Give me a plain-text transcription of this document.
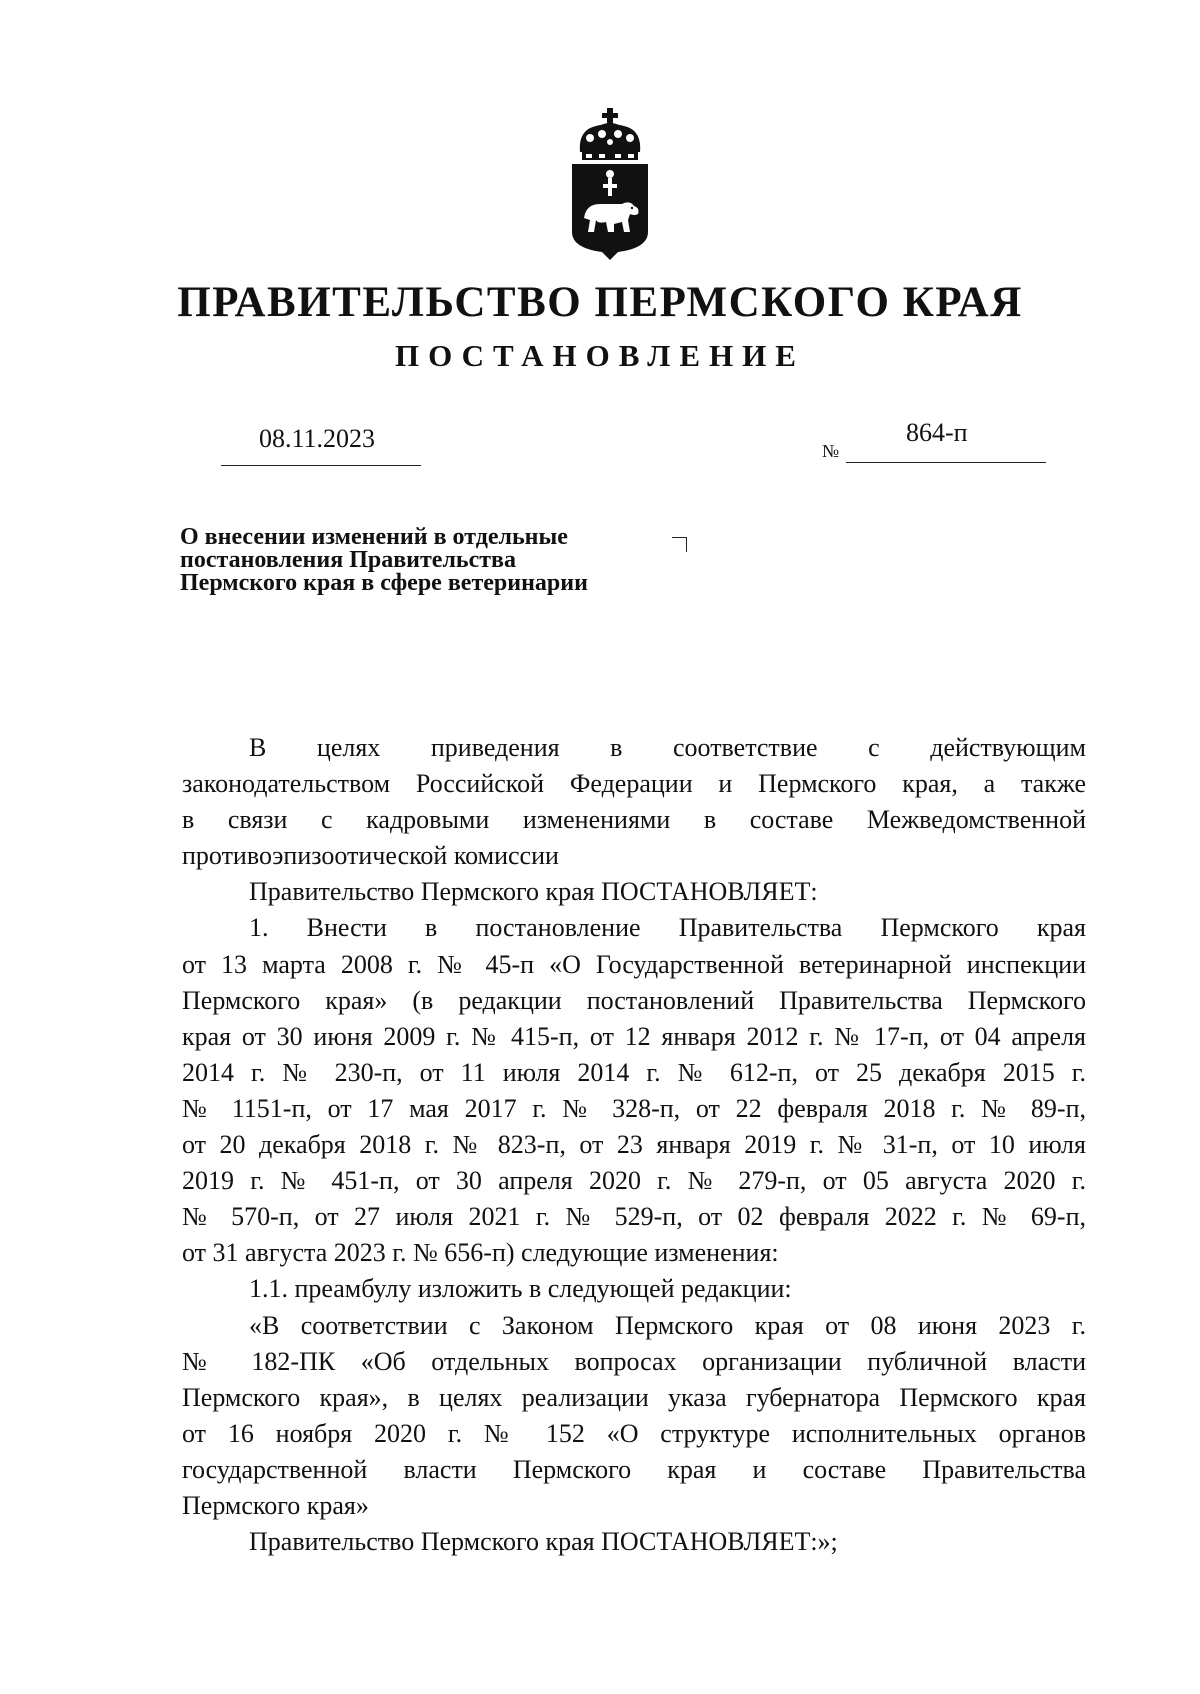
ПРАВИТЕЛЬСТВО ПЕРМСКОГО КРАЯ
ПОСТАНОВЛЕНИЕ
08.11.2023	№
864-п
О внесении изменений в отдельные
постановления Правительства
Пермского края в сфере ветеринарии
В целях приведения в соответствие с действующим
законодательством Российской Федерации и Пермского края, а также
в связи с кадровыми изменениями в составе Межведомственной
противоэпизоотической комиссии
Правительство Пермского края ПОСТАНОВЛЯЕТ:
1. Внести в постановление Правительства Пермского края
от 13 марта 2008 г. № 45-п «О Государственной ветеринарной инспекции
Пермского края» (в редакции постановлений Правительства Пермского
края от 30 июня 2009 г. № 415-п, от 12 января 2012 г. № 17-п, от 04 апреля
2014 г. № 230-п, от 11 июля 2014 г. № 612-п, от 25 декабря 2015 г.
№ 1151-п, от 17 мая 2017 г. № 328-п, от 22 февраля 2018 г. № 89-п,
от 20 декабря 2018 г. № 823-п, от 23 января 2019 г. № 31-п, от 10 июля
2019 г. № 451-п, от 30 апреля 2020 г. № 279-п, от 05 августа 2020 г.
№ 570-п, от 27 июля 2021 г. № 529-п, от 02 февраля 2022 г. № 69-п,
от 31 августа 2023 г. № 656-п) следующие изменения:
1.1. преамбулу изложить в следующей редакции:
«В соответствии с Законом Пермского края от 08 июня 2023 г.
№ 182-ПК «Об отдельных вопросах организации публичной власти
Пермского края», в целях реализации указа губернатора Пермского края
от 16 ноября 2020 г. № 152 «О структуре исполнительных органов
государственной власти Пермского края и составе Правительства
Пермского края»
Правительство Пермского края ПОСТАНОВЛЯЕТ:»;
